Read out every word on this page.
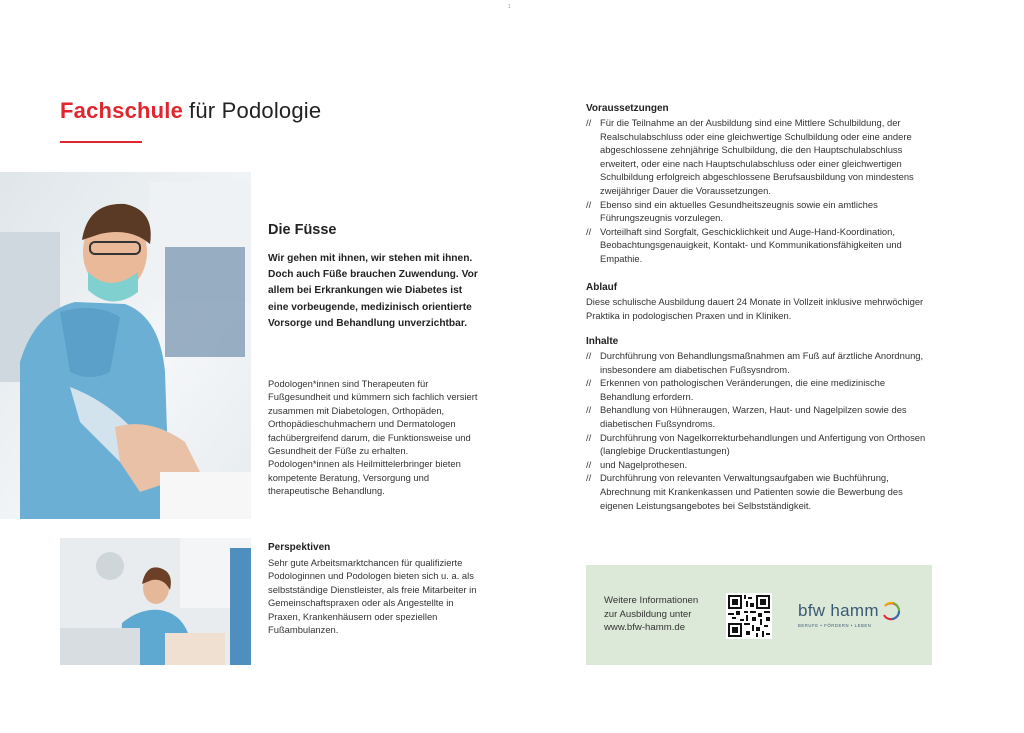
1
Fachschule für Podologie
Die Füsse
Wir gehen mit ihnen, wir stehen mit ihnen. Doch auch Füße brauchen Zuwendung. Vor allem bei Erkrankungen wie Diabetes ist eine vorbeugende, medizinisch orientierte Vorsorge und Behandlung unverzichtbar.
Podologen*innen sind Therapeuten für Fußgesundheit und kümmern sich fachlich versiert zusammen mit Diabetologen, Orthopäden, Orthopädieschuhmachern und Dermatologen fachübergreifend darum, die Funktionsweise und Gesundheit der Füße zu erhalten. Podologen*innen als Heilmittelerbringer bieten kompetente Beratung, Versorgung und therapeutische Behandlung.
Perspektiven
Sehr gute Arbeitsmarktchancen für qualifizierte Podologinnen und Podologen bieten sich u. a. als selbstständige Dienstleister, als freie Mitarbeiter in Gemeinschaftspraxen oder als Angestellte in Praxen, Krankenhäusern oder speziellen Fußambulanzen.
Voraussetzungen
// Für die Teilnahme an der Ausbildung sind eine Mittlere Schulbildung, der Realschulabschluss oder eine gleichwertige Schulbildung oder eine andere abgeschlossene zehnjährige Schulbildung, die den Hauptschulabschluss erweitert, oder eine nach Hauptschulabschluss oder einer gleichwertigen Schulbildung erfolgreich abgeschlossene Berufsausbildung von mindestens zweijähriger Dauer die Voraussetzungen.
// Ebenso sind ein aktuelles Gesundheitszeugnis sowie ein amtliches Führungszeugnis vorzulegen.
// Vorteilhaft sind Sorgfalt, Geschicklichkeit und Auge-Hand-Koordination, Beobachtungsgenauigkeit, Kontakt- und Kommunikationsfähigkeiten und Empathie.
Ablauf
Diese schulische Ausbildung dauert 24 Monate in Vollzeit inklusive mehrwöchiger Praktika in podologischen Praxen und in Kliniken.
Inhalte
// Durchführung von Behandlungsmaßnahmen am Fuß auf ärztliche Anordnung, insbesondere am diabetischen Fußsysndrom.
// Erkennen von pathologischen Veränderungen, die eine medizinische Behandlung erfordern.
// Behandlung von Hühneraugen, Warzen, Haut- und Nagelpilzen sowie des diabetischen Fußsyndroms.
// Durchführung von Nagelkorrekturbehandlungen und Anfertigung von Orthosen (langlebige Druckentlastungen)
// und Nagelprothesen.
// Durchführung von relevanten Verwaltungsaufgaben wie Buchführung, Abrechnung mit Krankenkassen und Patienten sowie die Bewerbung des eigenen Leistungsangebotes bei Selbstständigkeit.
Weitere Informationen
zur Ausbildung unter
www.bfw-hamm.de
bfw hamm
BERUFE • FÖRDERN • LEBEN
